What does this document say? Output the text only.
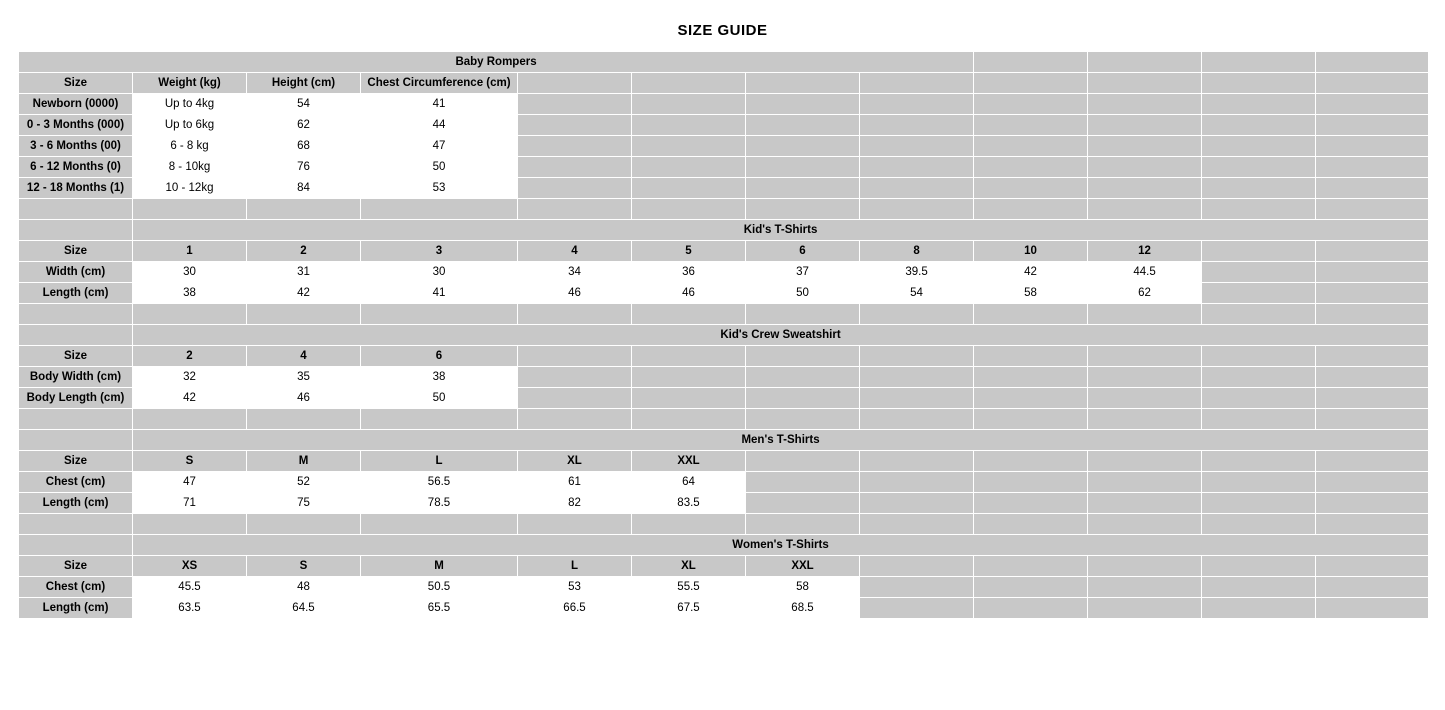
SIZE GUIDE
Baby Rompers											
Size	Weight (kg)	Height (cm)	Chest Circumference (cm)								
Newborn (0000)	Up to 4kg	54	41								
0 - 3 Months (000)	Up to 6kg	62	44								
3 - 6 Months (00)	6 - 8 kg	68	47								
6 - 12 Months (0)	8 - 10kg	76	50								
12 - 18 Months (1)	10 - 12kg	84	53								

	Kid's T-Shirts										
Size	1	2	3	4	5	6	8	10	12		
Width (cm)	30	31	30	34	36	37	39.5	42	44.5		
Length (cm)	38	42	41	46	46	50	54	58	62		

	Kid's Crew Sweatshirt										
Size	2	4	6								
Body Width (cm)	32	35	38								
Body Length (cm)	42	46	50								

	Men's T-Shirts										
Size	S	M	L	XL	XXL						
Chest (cm)	47	52	56.5	61	64						
Length (cm)	71	75	78.5	82	83.5						

	Women's T-Shirts										
Size	XS	S	M	L	XL	XXL					
Chest (cm)	45.5	48	50.5	53	55.5	58					
Length (cm)	63.5	64.5	65.5	66.5	67.5	68.5					
